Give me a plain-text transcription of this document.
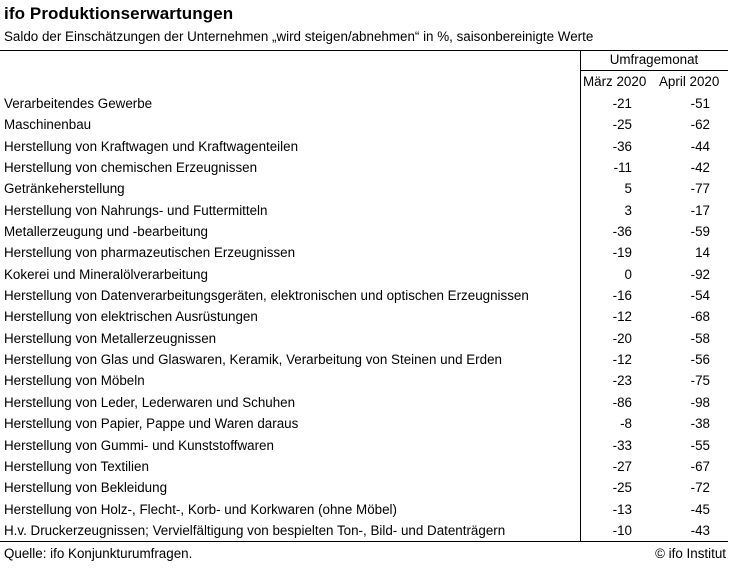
ifo Produktionserwartungen
Saldo der Einschätzungen der Unternehmen „wird steigen/abnehmen“ in %, saisonbereinigte Werte
Umfragemonat
März 2020 April 2020
Verarbeitendes Gewerbe	-21	-51
Maschinenbau	-25	-62
Herstellung von Kraftwagen und Kraftwagenteilen	-36	-44
Herstellung von chemischen Erzeugnissen	-11	-42
Getränkeherstellung	5	-77
Herstellung von Nahrungs- und Futtermitteln	3	-17
Metallerzeugung und -bearbeitung	-36	-59
Herstellung von pharmazeutischen Erzeugnissen	-19	14
Kokerei und Mineralölverarbeitung	0	-92
Herstellung von Datenverarbeitungsgeräten, elektronischen und optischen Erzeugnissen	-16	-54
Herstellung von elektrischen Ausrüstungen	-12	-68
Herstellung von Metallerzeugnissen	-20	-58
Herstellung von Glas und Glaswaren, Keramik, Verarbeitung von Steinen und Erden	-12	-56
Herstellung von Möbeln	-23	-75
Herstellung von Leder, Lederwaren und Schuhen	-86	-98
Herstellung von Papier, Pappe und Waren daraus	-8	-38
Herstellung von Gummi- und Kunststoffwaren	-33	-55
Herstellung von Textilien	-27	-67
Herstellung von Bekleidung	-25	-72
Herstellung von Holz-, Flecht-, Korb- und Korkwaren (ohne Möbel)	-13	-45
H.v. Druckerzeugnissen; Vervielfältigung von bespielten Ton-, Bild- und Datenträgern	-10	-43
Quelle: ifo Konjunkturumfragen.	© ifo Institut
